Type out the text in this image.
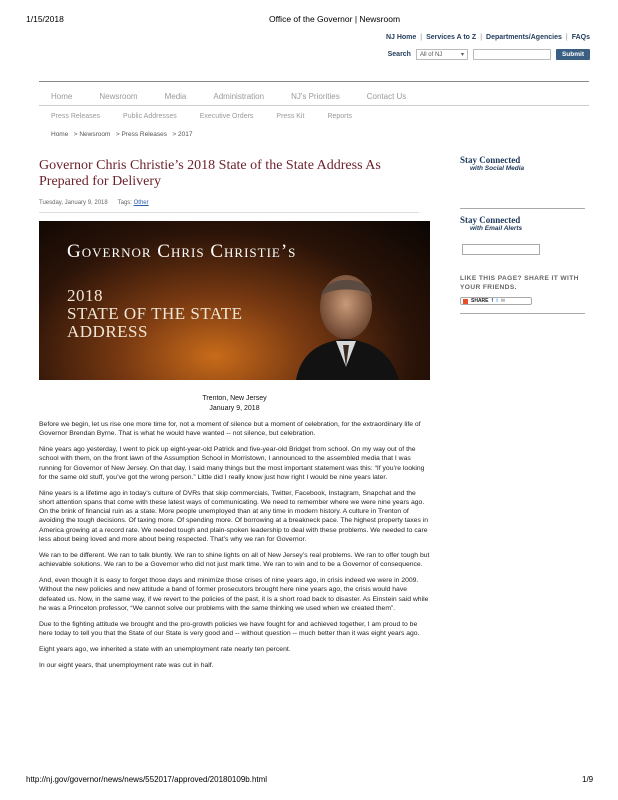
1/15/2018	Office of the Governor | Newsroom
NJ Home | Services A to Z | Departments/Agencies | FAQs
Search All of NJ	▾	Submit
Home	Newsroom	Media	Administration	NJ's Priorities	Contact Us
Press Releases	Public Addresses	Executive Orders	Press Kit	Reports
Home > Newsroom > Press Releases > 2017
Governor Chris Christie’s 2018 State of the State Address As Prepared for Delivery
Tuesday, January 9, 2018 Tags: Other
Governor Chris Christie’s
2018
STATE OF THE STATE
ADDRESS
Trenton, New Jersey
January 9, 2018

Before we begin, let us rise one more time for, not a moment of silence but a moment of celebration, for the extraordinary life of Governor Brendan Byrne. That is what he would have wanted -- not silence, but celebration.

Nine years ago yesterday, I went to pick up eight-year-old Patrick and five-year-old Bridget from school. On my way out of the school with them, on the front lawn of the Assumption School in Morristown, I announced to the assembled media that I was running for Governor of New Jersey. On that day, I said many things but the most important statement was this: “If you’re looking for the same old stuff, you’ve got the wrong person.” Little did I really know just how right I would be nine years later.

Nine years is a lifetime ago in today’s culture of DVRs that skip commercials, Twitter, Facebook, Instagram, Snapchat and the short attention spans that come with these latest ways of communicating. We need to remember where we were nine years ago. On the brink of financial ruin as a state. More people unemployed than at any time in modern history. A culture in Trenton of avoiding the tough decisions. Of taxing more. Of spending more. Of borrowing at a breakneck pace. The highest property taxes in America growing at a record rate. We needed tough and plain-spoken leadership to deal with these problems. We needed to care less about being loved and more about being respected. That’s why we ran for Governor.

We ran to be different. We ran to talk bluntly. We ran to shine lights on all of New Jersey’s real problems. We ran to offer tough but achievable solutions. We ran to be a Governor who did not just mark time. We ran to win and to be a Governor of consequence.

And, even though it is easy to forget those days and minimize those crises of nine years ago, in crisis indeed we were in 2009. Without the new policies and new attitude a band of former prosecutors brought here nine years ago, the crisis would have defeated us. Now, in the same way, if we revert to the policies of the past, it is a short road back to disaster. As Einstein said while he was a Princeton professor, “We cannot solve our problems with the same thinking we used when we created them”.

Due to the fighting attitude we brought and the pro-growth policies we have fought for and achieved together, I am proud to be here today to tell you that the State of our State is very good and -- without question -- much better than it was eight years ago.

Eight years ago, we inherited a state with an unemployment rate nearly ten percent.

In our eight years, that unemployment rate was cut in half.

Stay Connected
with Social Media
Stay Connected
with Email Alerts
LIKE THIS PAGE? SHARE IT WITH YOUR FRIENDS.
SHARE f t ✉
http://nj.gov/governor/news/news/552017/approved/20180109b.html	1/9
